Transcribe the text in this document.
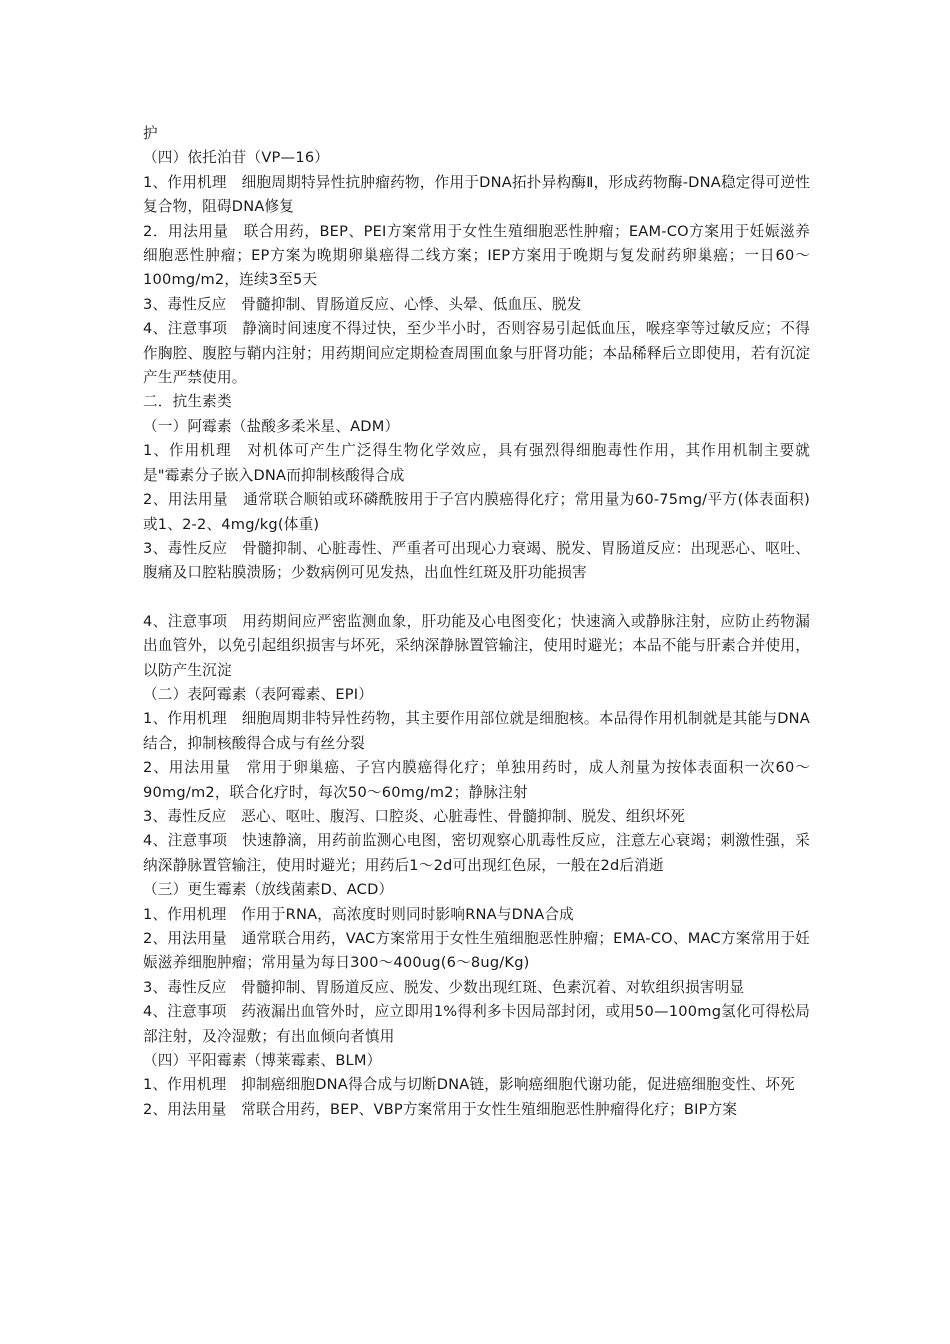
护
（四）依托泊苷（VP—16）
1、作用机理　细胞周期特异性抗肿瘤药物，作用于DNA拓扑异构酶Ⅱ，形成药物酶-DNA稳定得可逆性复合物，阻碍DNA修复
2．用法用量　联合用药，BEP、PEI方案常用于女性生殖细胞恶性肿瘤；EAM-CO方案用于妊娠滋养细胞恶性肿瘤；EP方案为晚期卵巢癌得二线方案；IEP方案用于晚期与复发耐药卵巢癌；一日60～100mg/m2，连续3至5天
3、毒性反应　骨髓抑制、胃肠道反应、心悸、头晕、低血压、脱发
4、注意事项　静滴时间速度不得过快，至少半小时，否则容易引起低血压，喉痉挛等过敏反应；不得作胸腔、腹腔与鞘内注射；用药期间应定期检查周围血象与肝肾功能；本品稀释后立即使用，若有沉淀产生严禁使用。
二．抗生素类
（一）阿霉素（盐酸多柔米星、ADM）
1、作用机理　对机体可产生广泛得生物化学效应，具有强烈得细胞毒性作用，其作用机制主要就是"霉素分子嵌入DNA而抑制核酸得合成
2、用法用量　通常联合顺铂或环磷酰胺用于子宫内膜癌得化疗；常用量为60-75mg/平方(体表面积)或1、2-2、4mg/kg(体重)
3、毒性反应　骨髓抑制、心脏毒性、严重者可出现心力衰竭、脱发、胃肠道反应：出现恶心、呕吐、腹痛及口腔粘膜溃肠；少数病例可见发热，出血性红斑及肝功能损害
4、注意事项　用药期间应严密监测血象，肝功能及心电图变化；快速滴入或静脉注射，应防止药物漏出血管外，以免引起组织损害与坏死，采纳深静脉置管输注，使用时避光；本品不能与肝素合并使用，以防产生沉淀
（二）表阿霉素（表阿霉素、EPI）
1、作用机理　细胞周期非特异性药物，其主要作用部位就是细胞核。本品得作用机制就是其能与DNA结合，抑制核酸得合成与有丝分裂
2、用法用量　常用于卵巢癌、子宫内膜癌得化疗；单独用药时，成人剂量为按体表面积一次60～90mg/m2，联合化疗时，每次50～60mg/m2；静脉注射
3、毒性反应　恶心、呕吐、腹泻、口腔炎、心脏毒性、骨髓抑制、脱发、组织坏死
4、注意事项　快速静滴，用药前监测心电图，密切观察心肌毒性反应，注意左心衰竭；刺激性强，采纳深静脉置管输注，使用时避光；用药后1～2d可出现红色尿，一般在2d后消逝
（三）更生霉素（放线菌素D、ACD）
1、作用机理　作用于RNA，高浓度时则同时影响RNA与DNA合成
2、用法用量　通常联合用药，VAC方案常用于女性生殖细胞恶性肿瘤；EMA-CO、MAC方案常用于妊娠滋养细胞肿瘤；常用量为每日300～400ug(6～8ug/Kg)
3、毒性反应　骨髓抑制、胃肠道反应、脱发、少数出现红斑、色素沉着、对软组织损害明显
4、注意事项　药液漏出血管外时，应立即用1%得利多卡因局部封闭，或用50—100mg氢化可得松局部注射，及冷湿敷；有出血倾向者慎用
（四）平阳霉素（博莱霉素、BLM）
1、作用机理　抑制癌细胞DNA得合成与切断DNA链，影响癌细胞代谢功能，促进癌细胞变性、坏死
2、用法用量　常联合用药，BEP、VBP方案常用于女性生殖细胞恶性肿瘤得化疗；BIP方案
